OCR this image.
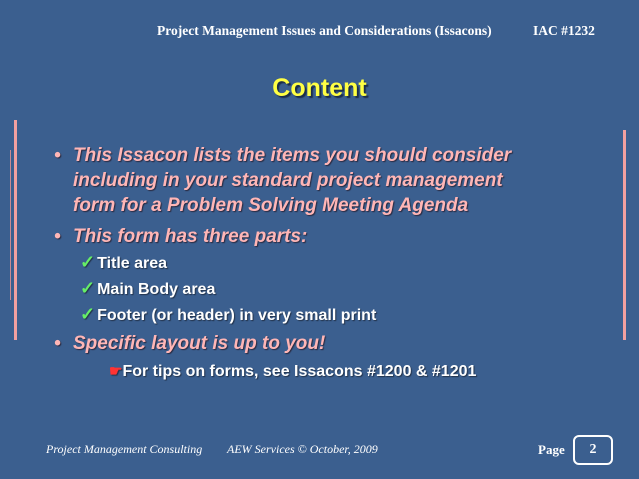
Project Management Issues and Considerations (Issacons)	IAC #1232
Content
• This Issacon lists the items you should consider
including in your standard project management
form for a Problem Solving Meeting Agenda
• This form has three parts:
✓ Title area
✓ Main Body area
✓ Footer (or header) in very small print
• Specific layout is up to you!
☛For tips on forms, see Issacons #1200 & #1201
Project Management Consulting AEW Services © October, 2009	Page	2
